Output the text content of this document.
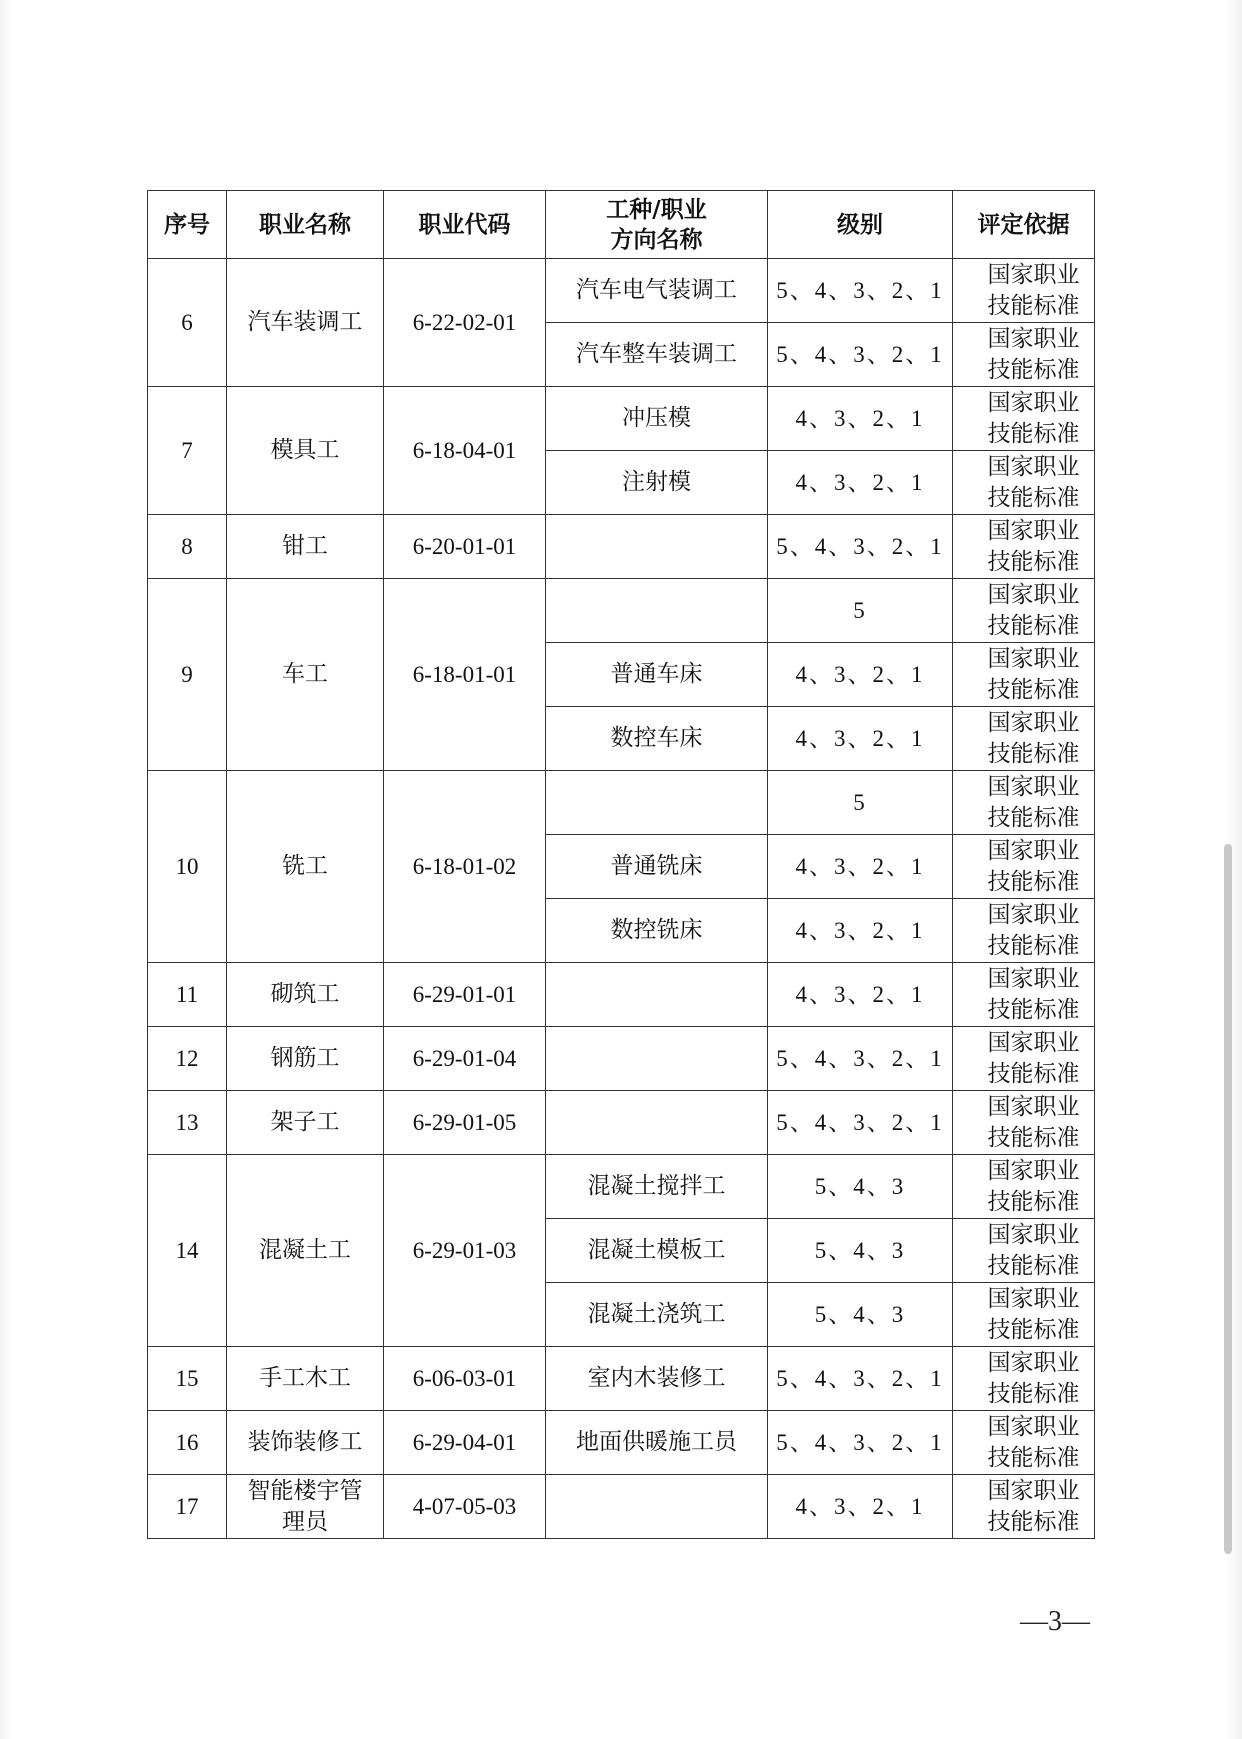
序号	职业名称	职业代码	工种/职业
方向名称	级别	评定依据
6	汽车装调工	6-22-02-01	汽车电气装调工	5、4、3、2、1	国家职业
技能标准
			汽车整车装调工	5、4、3、2、1	国家职业
技能标准
7	模具工	6-18-04-01	冲压模	4、3、2、1	国家职业
技能标准
			注射模	4、3、2、1	国家职业
技能标准
8	钳工	6-20-01-01		5、4、3、2、1	国家职业
技能标准
9	车工	6-18-01-01		5	国家职业
技能标准
			普通车床	4、3、2、1	国家职业
技能标准
			数控车床	4、3、2、1	国家职业
技能标准
10	铣工	6-18-01-02		5	国家职业
技能标准
			普通铣床	4、3、2、1	国家职业
技能标准
			数控铣床	4、3、2、1	国家职业
技能标准
11	砌筑工	6-29-01-01		4、3、2、1	国家职业
技能标准
12	钢筋工	6-29-01-04		5、4、3、2、1	国家职业
技能标准
13	架子工	6-29-01-05		5、4、3、2、1	国家职业
技能标准
14	混凝土工	6-29-01-03	混凝土搅拌工	5、4、3	国家职业
技能标准
			混凝土模板工	5、4、3	国家职业
技能标准
			混凝土浇筑工	5、4、3	国家职业
技能标准
15	手工木工	6-06-03-01	室内木装修工	5、4、3、2、1	国家职业
技能标准
16	装饰装修工	6-29-04-01	地面供暖施工员	5、4、3、2、1	国家职业
技能标准
17	智能楼宇管
理员	4-07-05-03		4、3、2、1	国家职业
技能标准
—3—
